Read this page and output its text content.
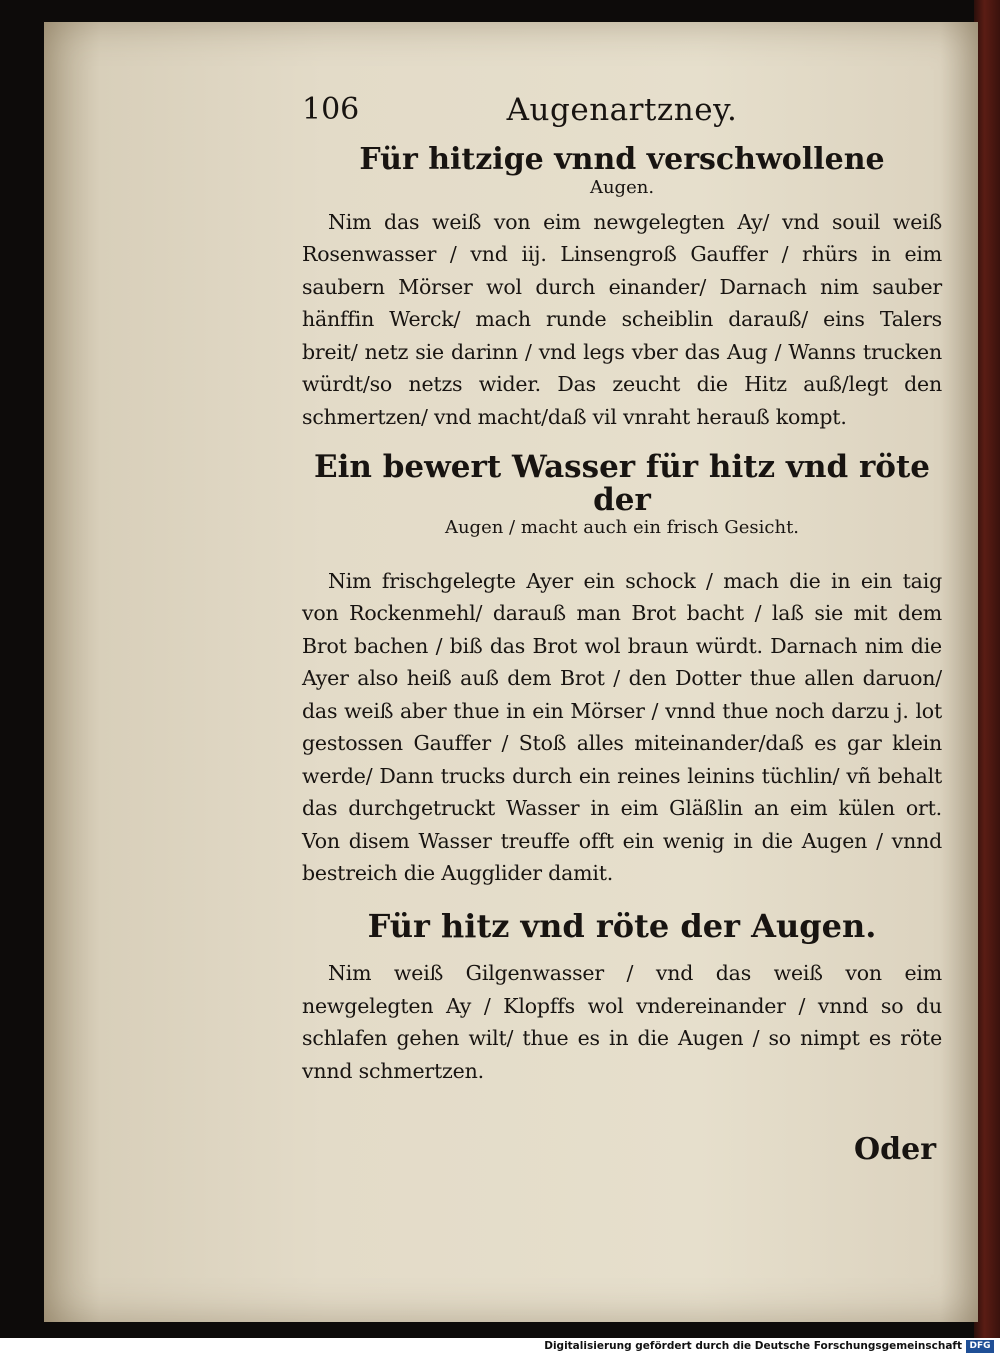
106	Augenartzney.
Für hitzige vnnd verschwollene
Augen.

Nim das weiß von eim newgelegten Ay/ vnd souil weiß Rosenwasser / vnd iij. Linsengroß Gauffer / rhürs in eim saubern Mörser wol durch einander/ Darnach nim sauber hänffin Werck/ mach runde scheiblin darauß/ eins Talers breit/ netz sie darinn / vnd legs vber das Aug / Wanns trucken würdt/so netzs wider. Das zeucht die Hitz auß/legt den schmertzen/ vnd macht/daß vil vnraht herauß kompt.

Ein bewert Wasser für hitz vnd röte der
Augen / macht auch ein frisch Gesicht.

Nim frischgelegte Ayer ein schock / mach die in ein taig von Rockenmehl/ darauß man Brot bacht / laß sie mit dem Brot bachen / biß das Brot wol braun würdt. Darnach nim die Ayer also heiß auß dem Brot / den Dotter thue allen daruon/ das weiß aber thue in ein Mörser / vnnd thue noch darzu j. lot gestossen Gauffer / Stoß alles miteinander/daß es gar klein werde/ Dann trucks durch ein reines leinins tüchlin/ vñ behalt das durchgetruckt Wasser in eim Gläßlin an eim külen ort. Von disem Wasser treuffe offt ein wenig in die Augen / vnnd bestreich die Augglider damit.

Für hitz vnd röte der Augen.

Nim weiß Gilgenwasser / vnd das weiß von eim newgelegten Ay / Klopffs wol vndereinander / vnnd so du schlafen gehen wilt/ thue es in die Augen / so nimpt es röte vnnd schmertzen.

Oder
Digitalisierung gefördert durch die Deutsche Forschungsgemeinschaft DFG
